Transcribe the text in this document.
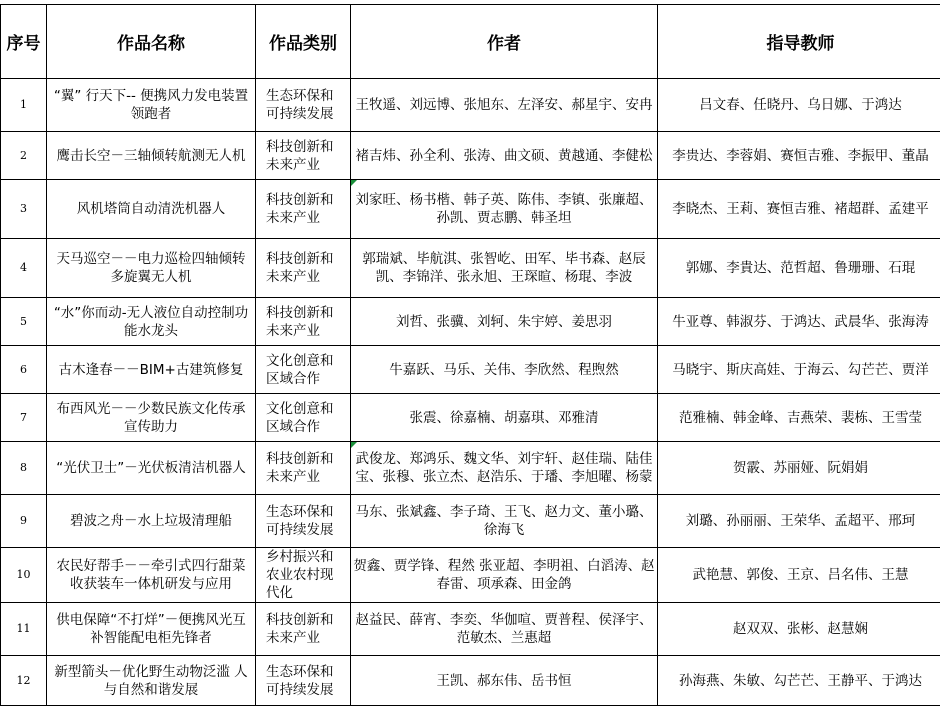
序号	作品名称	作品类别	作者	指导教师
1	“翼” 行天下-- 便携风力发电装置领跑者	生态环保和可持续发展	王牧遥、刘远博、张旭东、左泽安、郝星宇、安冉	吕文春、任晓丹、乌日娜、于鸿达
2	鹰击长空－三轴倾转航测无人机	科技创新和未来产业	褚吉炜、孙全利、张涛、曲文硕、黄越通、李健松	李贵达、李蓉娟、赛恒吉雅、李振甲、董晶
3	风机塔筒自动清洗机器人	科技创新和未来产业	刘家旺、杨书楷、韩子英、陈伟、李镇、张廉超、孙凯、贾志鹏、韩圣坦	李晓杰、王莉、赛恒吉雅、褚超群、孟建平
4	天马巡空－－电力巡检四轴倾转多旋翼无人机	科技创新和未来产业	郭瑞斌、毕航淇、张智屹、田军、毕书森、赵辰凯、李锦洋、张永旭、王琛暄、杨琨、李波	郭娜、李貴达、范哲超、鲁珊珊、石琨
5	“水”你而动-无人液位自动控制功能水龙头	科技创新和未来产业	刘哲、张骥、刘轲、朱宇婷、姜思羽	牛亚尊、韩淑芬、于鸿达、武晨华、张海涛
6	古木逢春－－BIM+古建筑修复	文化创意和区域合作	牛嘉跃、马乐、关伟、李欣然、程煦然	马晓宇、斯庆高娃、于海云、勾芒芒、贾洋
7	布西风光－－少数民族文化传承宣传助力	文化创意和区域合作	张震、徐嘉楠、胡嘉琪、邓雅清	范雅楠、韩金峰、吉燕荣、裴栋、王雪莹
8	“光伏卫士”－光伏板清洁机器人	科技创新和未来产业	武俊龙、郑鸿乐、魏文华、刘宇轩、赵佳瑞、陆佳宝、张穆、张立杰、赵浩乐、于璠、李旭曜、杨蒙	贺霰、苏丽娅、阮娟娟
9	碧波之舟－水上垃圾清理船	生态环保和可持续发展	马东、张斌鑫、李子琦、王飞、赵力文、董小璐、徐海飞	刘璐、孙丽丽、王荣华、孟超平、邢珂
10	农民好帮手－－牵引式四行甜菜收获装车一体机研发与应用	乡村振兴和农业农村现代化	贺鑫、贾学锋、程然 张亚超、李明祖、白滔涛、赵春雷、项承森、田金鸽	武艳慧、郭俊、王京、吕名伟、王慧
11	供电保障“不打烊”－便携风光互补智能配电柜先锋者	科技创新和未来产业	赵益民、薛宵、李奕、华伽喧、贾普程、侯泽宇、范敏杰、兰惠超	赵双双、张彬、赵慧娴
12	新型箭头－优化野生动物泛滥 人与自然和谐发展	生态环保和可持续发展	王凯、郝东伟、岳书恒	孙海燕、朱敏、勾芒芒、王静平、于鸿达
